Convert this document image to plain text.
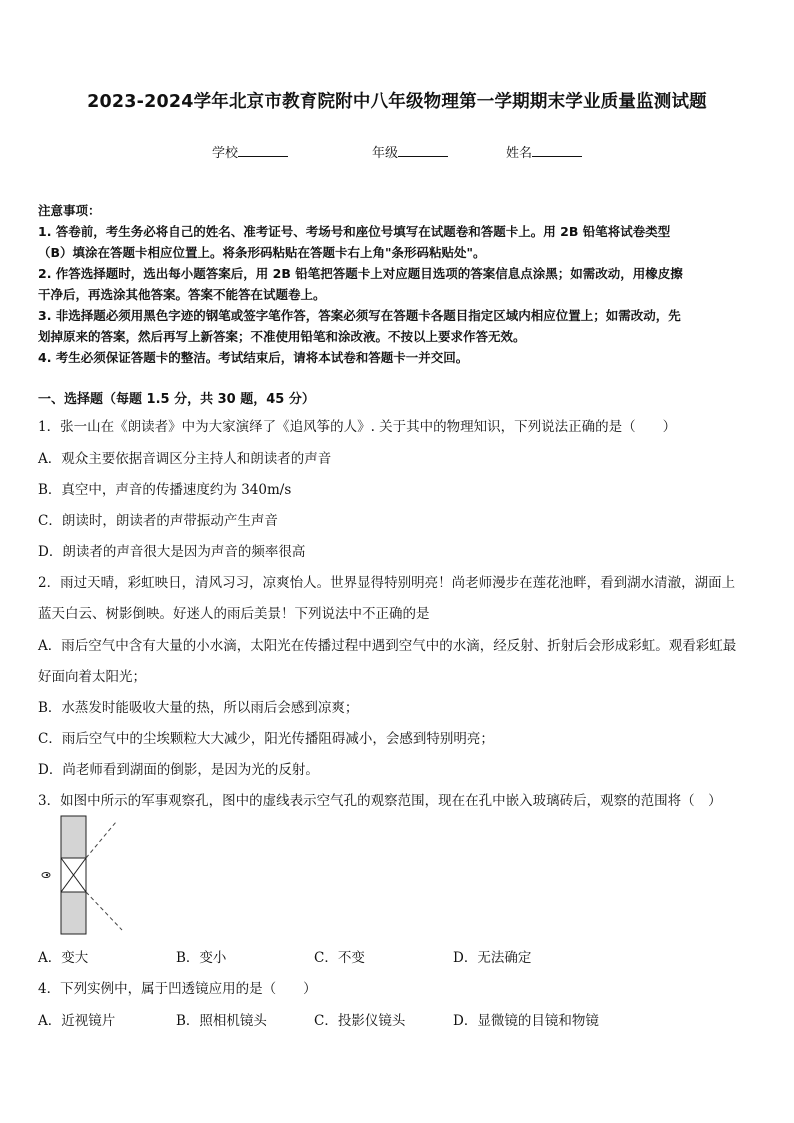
2023-2024学年北京市教育院附中八年级物理第一学期期末学业质量监测试题
学校	年级	姓名
注意事项：
1. 答卷前，考生务必将自己的姓名、准考证号、考场号和座位号填写在试题卷和答题卡上。用 2B 铅笔将试卷类型
（B）填涂在答题卡相应位置上。将条形码粘贴在答题卡右上角"条形码粘贴处"。
2. 作答选择题时，选出每小题答案后，用 2B 铅笔把答题卡上对应题目选项的答案信息点涂黑；如需改动，用橡皮擦
干净后，再选涂其他答案。答案不能答在试题卷上。
3. 非选择题必须用黑色字迹的钢笔或签字笔作答，答案必须写在答题卡各题目指定区域内相应位置上；如需改动，先
划掉原来的答案，然后再写上新答案；不准使用铅笔和涂改液。不按以上要求作答无效。
4. 考生必须保证答题卡的整洁。考试结束后，请将本试卷和答题卡一并交回。
一、选择题（每题 1.5 分，共 30 题，45 分）
1．张一山在《朗读者》中为大家演绎了《追风筝的人》. 关于其中的物理知识，下列说法正确的是（　　）
A．观众主要依据音调区分主持人和朗读者的声音
B．真空中，声音的传播速度约为 340m/s
C．朗读时，朗读者的声带振动产生声音
D．朗读者的声音很大是因为声音的频率很高
2．雨过天晴，彩虹映日，清风习习，凉爽怡人。世界显得特别明亮！尚老师漫步在莲花池畔，看到湖水清澈，湖面上
蓝天白云、树影倒映。好迷人的雨后美景！下列说法中不正确的是
A．雨后空气中含有大量的小水滴，太阳光在传播过程中遇到空气中的水滴，经反射、折射后会形成彩虹。观看彩虹最
好面向着太阳光；
B．水蒸发时能吸收大量的热，所以雨后会感到凉爽；
C．雨后空气中的尘埃颗粒大大减少，阳光传播阻碍减小，会感到特别明亮；
D．尚老师看到湖面的倒影，是因为光的反射。
3．如图中所示的军事观察孔，图中的虚线表示空气孔的观察范围，现在在孔中嵌入玻璃砖后，观察的范围将（　）
A．变大	B．变小	C．不变	D．无法确定
4．下列实例中，属于凹透镜应用的是（　　）
A．近视镜片	B．照相机镜头	C．投影仪镜头	D．显微镜的目镜和物镜
